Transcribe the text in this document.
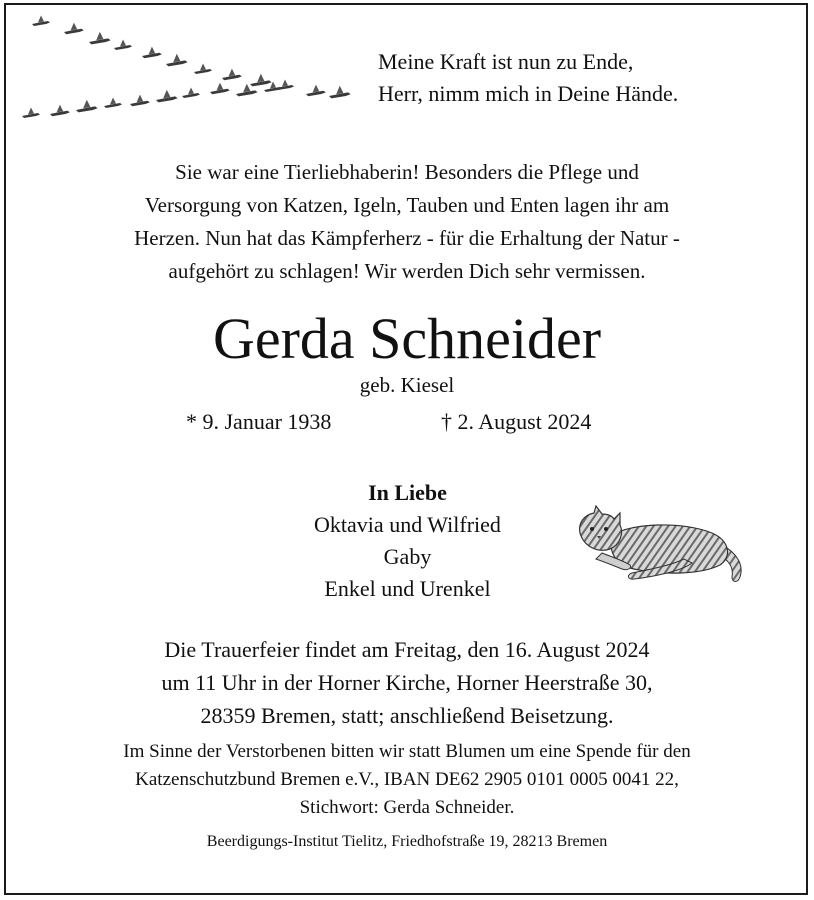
Meine Kraft ist nun zu Ende,
Herr, nimm mich in Deine Hände.
Sie war eine Tierliebhaberin! Besonders die Pflege und
Versorgung von Katzen, Igeln, Tauben und Enten lagen ihr am
Herzen. Nun hat das Kämpferherz - für die Erhaltung der Natur -
aufgehört zu schlagen! Wir werden Dich sehr vermissen.
Gerda Schneider
geb. Kiesel
* 9. Januar 1938	† 2. August 2024
In Liebe
Oktavia und Wilfried
Gaby
Enkel und Urenkel
Die Trauerfeier findet am Freitag, den 16. August 2024
um 11 Uhr in der Horner Kirche, Horner Heerstraße 30,
28359 Bremen, statt; anschließend Beisetzung.
Im Sinne der Verstorbenen bitten wir statt Blumen um eine Spende für den
Katzenschutzbund Bremen e.V., IBAN DE62 2905 0101 0005 0041 22,
Stichwort: Gerda Schneider.
Beerdigungs-Institut Tielitz, Friedhofstraße 19, 28213 Bremen
